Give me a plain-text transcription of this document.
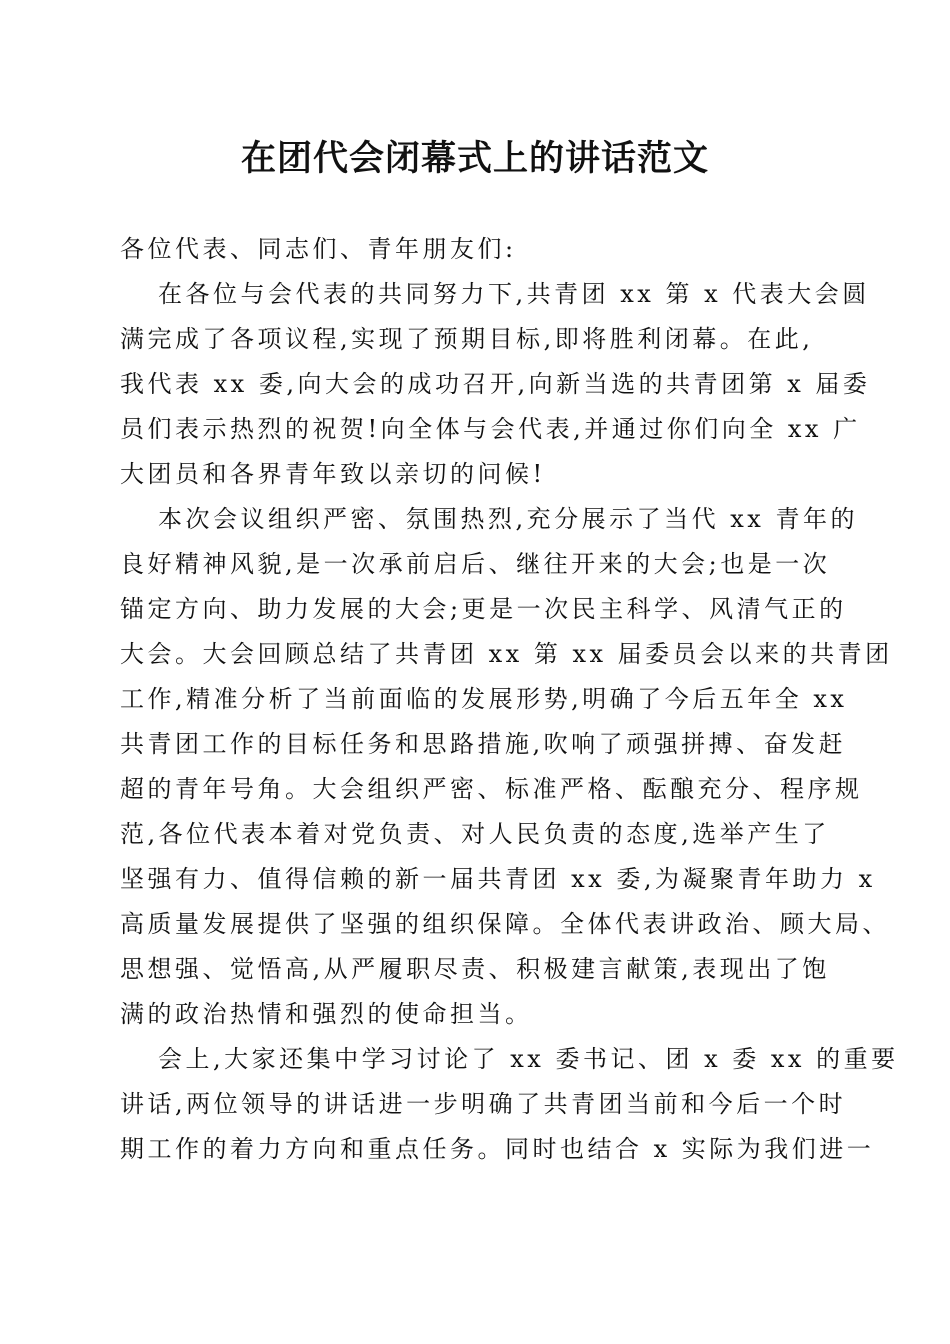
在团代会闭幕式上的讲话范文

各位代表、同志们、青年朋友们:

在各位与会代表的共同努力下,共青团 xx 第 x 代表大会圆

满完成了各项议程,实现了预期目标,即将胜利闭幕。在此,

我代表 xx 委,向大会的成功召开,向新当选的共青团第 x 届委

员们表示热烈的祝贺!向全体与会代表,并通过你们向全 xx 广

大团员和各界青年致以亲切的问候!

本次会议组织严密、氛围热烈,充分展示了当代 xx 青年的

良好精神风貌,是一次承前启后、继往开来的大会;也是一次

锚定方向、助力发展的大会;更是一次民主科学、风清气正的

大会。大会回顾总结了共青团 xx 第 xx 届委员会以来的共青团

工作,精准分析了当前面临的发展形势,明确了今后五年全 xx

共青团工作的目标任务和思路措施,吹响了顽强拼搏、奋发赶

超的青年号角。大会组织严密、标准严格、酝酿充分、程序规

范,各位代表本着对党负责、对人民负责的态度,选举产生了

坚强有力、值得信赖的新一届共青团 xx 委,为凝聚青年助力 x

高质量发展提供了坚强的组织保障。全体代表讲政治、顾大局、

思想强、觉悟高,从严履职尽责、积极建言献策,表现出了饱

满的政治热情和强烈的使命担当。

会上,大家还集中学习讨论了 xx 委书记、团 x 委 xx 的重要

讲话,两位领导的讲话进一步明确了共青团当前和今后一个时

期工作的着力方向和重点任务。同时也结合 x 实际为我们进一
